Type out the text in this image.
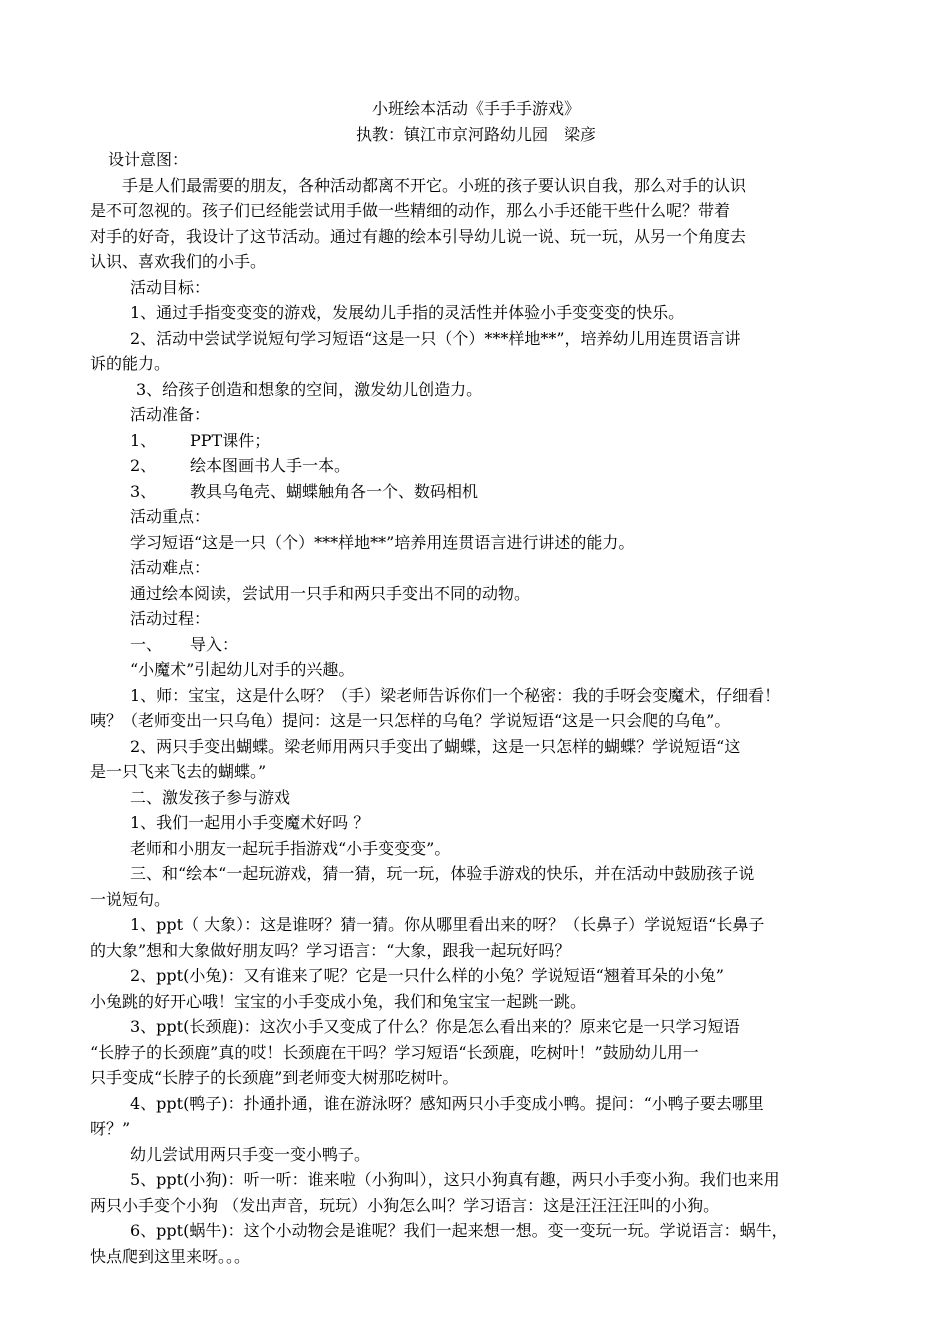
小班绘本活动《手手手游戏》
执教：镇江市京河路幼儿园　梁彦
设计意图：
手是人们最需要的朋友，各种活动都离不开它。小班的孩子要认识自我，那么对手的认识
是不可忽视的。孩子们已经能尝试用手做一些精细的动作，那么小手还能干些什么呢？带着
对手的好奇，我设计了这节活动。通过有趣的绘本引导幼儿说一说、玩一玩，从另一个角度去
认识、喜欢我们的小手。
活动目标：
1、通过手指变变变的游戏，发展幼儿手指的灵活性并体验小手变变变的快乐。
2、活动中尝试学说短句学习短语“这是一只（个）***样地**”，培养幼儿用连贯语言讲
诉的能力。
3、给孩子创造和想象的空间，激发幼儿创造力。
活动准备：
1、 PPT课件；
2、 绘本图画书人手一本。
3、 教具乌龟壳、蝴蝶触角各一个、数码相机
活动重点：
学习短语“这是一只（个）***样地**”培养用连贯语言进行讲述的能力。
活动难点：
通过绘本阅读，尝试用一只手和两只手变出不同的动物。
活动过程：
一、 导入：
“小魔术”引起幼儿对手的兴趣。
1、师：宝宝，这是什么呀？（手）梁老师告诉你们一个秘密：我的手呀会变魔术，仔细看！
咦？（老师变出一只乌龟）提问：这是一只怎样的乌龟？学说短语“这是一只会爬的乌龟”。
2、两只手变出蝴蝶。梁老师用两只手变出了蝴蝶，这是一只怎样的蝴蝶？学说短语“这
是一只飞来飞去的蝴蝶。”
二、激发孩子参与游戏
1、我们一起用小手变魔术好吗 ？
老师和小朋友一起玩手指游戏“小手变变变”。
三、和“绘本“一起玩游戏，猜一猜，玩一玩，体验手游戏的快乐，并在活动中鼓励孩子说
一说短句。
1、ppt（ 大象）：这是谁呀？猜一猜。你从哪里看出来的呀？（长鼻子）学说短语“长鼻子
的大象”想和大象做好朋友吗？学习语言：“大象，跟我一起玩好吗？
2、ppt(小兔)：又有谁来了呢？它是一只什么样的小兔？学说短语“翘着耳朵的小兔”
小兔跳的好开心哦！宝宝的小手变成小兔，我们和兔宝宝一起跳一跳。
3、ppt(长颈鹿)：这次小手又变成了什么？你是怎么看出来的？原来它是一只学习短语
“长脖子的长颈鹿”真的哎！长颈鹿在干吗？学习短语“长颈鹿，吃树叶！”鼓励幼儿用一
只手变成“长脖子的长颈鹿”到老师变大树那吃树叶。
4、ppt(鸭子)：扑通扑通，谁在游泳呀？感知两只小手变成小鸭。提问：“小鸭子要去哪里
呀？”
幼儿尝试用两只手变一变小鸭子。
5、ppt(小狗)：听一听：谁来啦（小狗叫），这只小狗真有趣，两只小手变小狗。我们也来用
两只小手变个小狗 （发出声音，玩玩）小狗怎么叫？学习语言：这是汪汪汪汪叫的小狗。
6、ppt(蜗牛)：这个小动物会是谁呢？我们一起来想一想。变一变玩一玩。学说语言：蜗牛，
快点爬到这里来呀。。。
